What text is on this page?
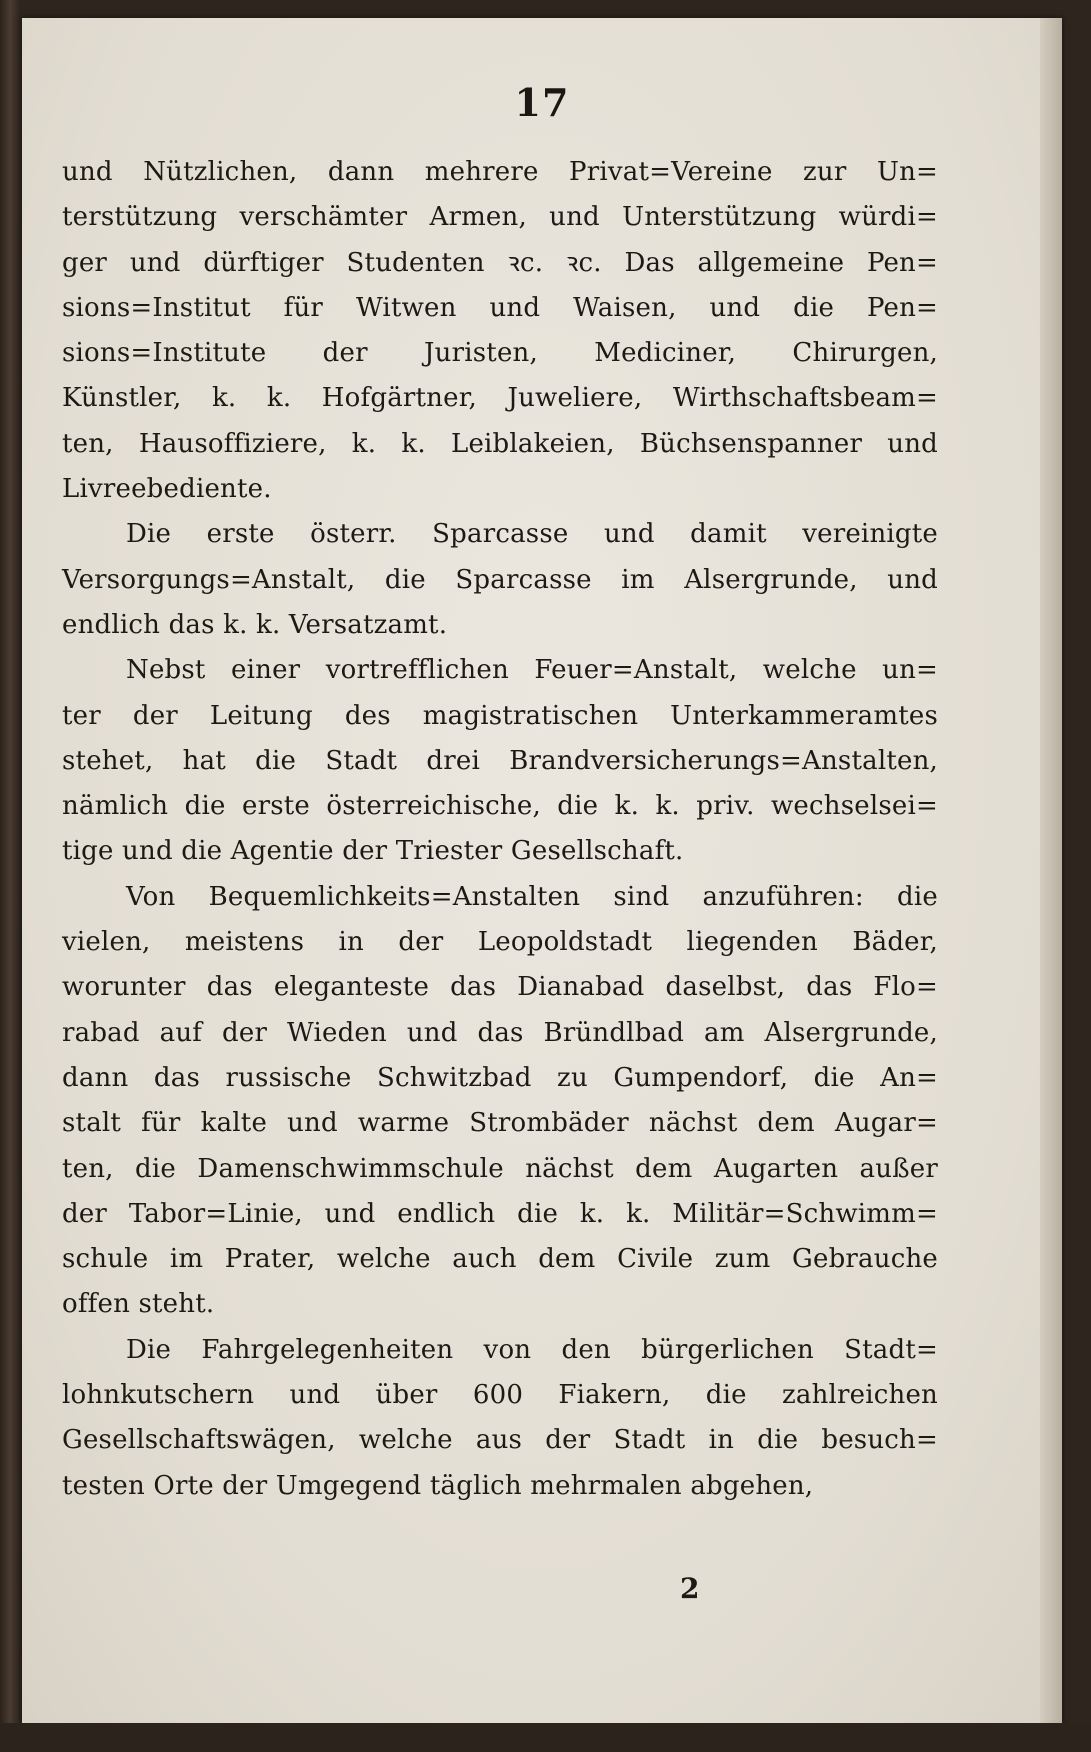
17
und Nützlichen, dann mehrere Privat=Vereine zur Un=
terstützung verschämter Armen, und Unterstützung würdi=
ger und dürftiger Studenten ꝛc. ꝛc. Das allgemeine Pen=
sions=Institut für Witwen und Waisen, und die Pen=
sions=Institute der Juristen, Mediciner, Chirurgen,
Künstler, k. k. Hofgärtner, Juweliere, Wirthschaftsbeam=
ten, Hausoffiziere, k. k. Leiblakeien, Büchsenspanner und
Livreebediente.
Die erste österr. Sparcasse und damit vereinigte
Versorgungs=Anstalt, die Sparcasse im Alsergrunde, und
endlich das k. k. Versatzamt.
Nebst einer vortrefflichen Feuer=Anstalt, welche un=
ter der Leitung des magistratischen Unterkammeramtes
stehet, hat die Stadt drei Brandversicherungs=Anstalten,
nämlich die erste österreichische, die k. k. priv. wechselsei=
tige und die Agentie der Triester Gesellschaft.
Von Bequemlichkeits=Anstalten sind anzuführen: die
vielen, meistens in der Leopoldstadt liegenden Bäder,
worunter das eleganteste das Dianabad daselbst, das Flo=
rabad auf der Wieden und das Bründlbad am Alsergrunde,
dann das russische Schwitzbad zu Gumpendorf, die An=
stalt für kalte und warme Strombäder nächst dem Augar=
ten, die Damenschwimmschule nächst dem Augarten außer
der Tabor=Linie, und endlich die k. k. Militär=Schwimm=
schule im Prater, welche auch dem Civile zum Gebrauche
offen steht.
Die Fahrgelegenheiten von den bürgerlichen Stadt=
lohnkutschern und über 600 Fiakern, die zahlreichen
Gesellschaftswägen, welche aus der Stadt in die besuch=
testen Orte der Umgegend täglich mehrmalen abgehen,
2
